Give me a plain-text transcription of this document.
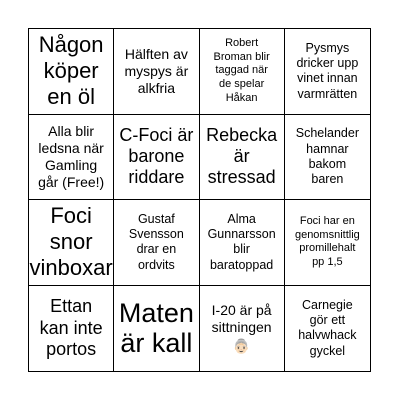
Någon
köper
en öl
Hälften av
myspys är
alkfria
Robert
Broman blir
taggad när
de spelar
Håkan
Pysmys
dricker upp
vinet innan
varmrätten
Alla blir
ledsna när
Gamling
går (Free!)
C-Foci är
barone
riddare
Rebecka
är
stressad
Schelander
hamnar
bakom
baren
Foci
snor
vinboxar
Gustaf
Svensson
drar en
ordvits
Alma
Gunnarsson
blir
baratoppad
Foci har en
genomsnittlig
promillehalt
pp 1,5
Ettan
kan inte
portos
Maten
är kall
I-20 är på
sittningen
👵🏻
Carnegie
gör ett
halvwhack
gyckel
